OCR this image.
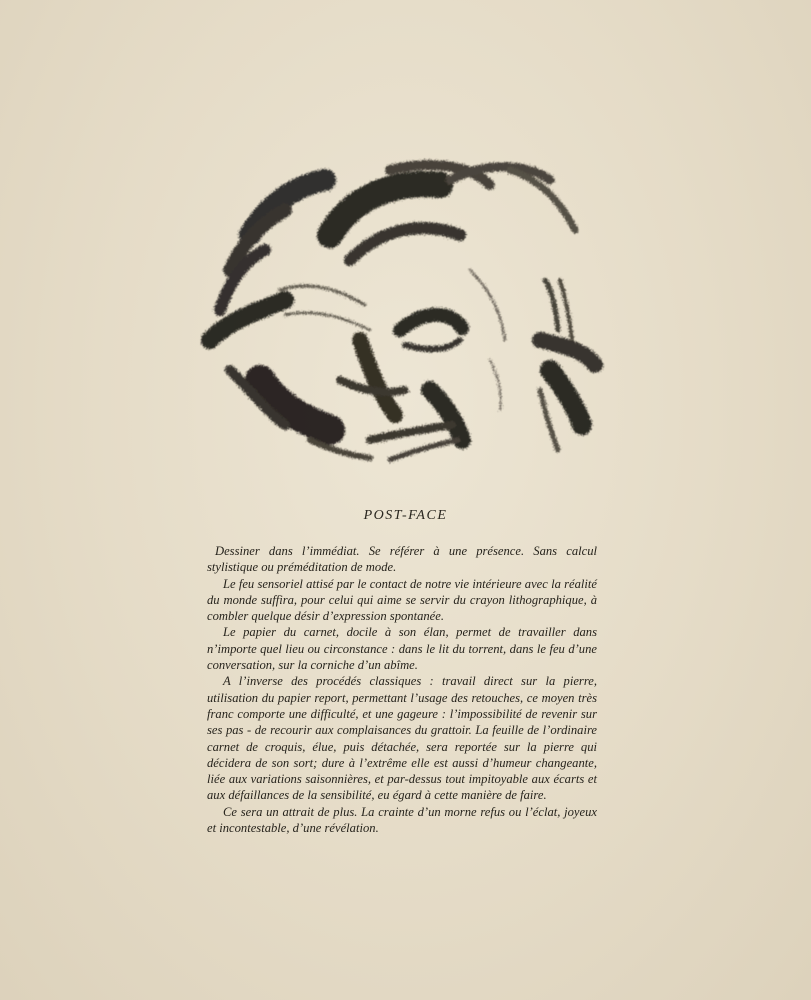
POST-FACE

Dessiner dans l’immédiat. Se référer à une présence. Sans calcul stylistique ou préméditation de mode.

Le feu sensoriel attisé par le contact de notre vie intérieure avec la réalité du monde suffira, pour celui qui aime se servir du crayon lithographique, à combler quelque désir d’expression spontanée.

Le papier du carnet, docile à son élan, permet de travailler dans n’importe quel lieu ou circonstance : dans le lit du torrent, dans le feu d’une conversation, sur la corniche d’un abîme.

A l’inverse des procédés classiques : travail direct sur la pierre, utilisation du papier report, permettant l’usage des retouches, ce moyen très franc comporte une difficulté, et une gageure : l’impossibilité de revenir sur ses pas - de recourir aux complaisances du grattoir. La feuille de l’ordinaire carnet de croquis, élue, puis détachée, sera reportée sur la pierre qui décidera de son sort; dure à l’extrême elle est aussi d’humeur changeante, liée aux variations saisonnières, et par-dessus tout impitoyable aux écarts et aux défaillances de la sensibilité, eu égard à cette manière de faire.

Ce sera un attrait de plus. La crainte d’un morne refus ou l’éclat, joyeux et incontestable, d’une révélation.
